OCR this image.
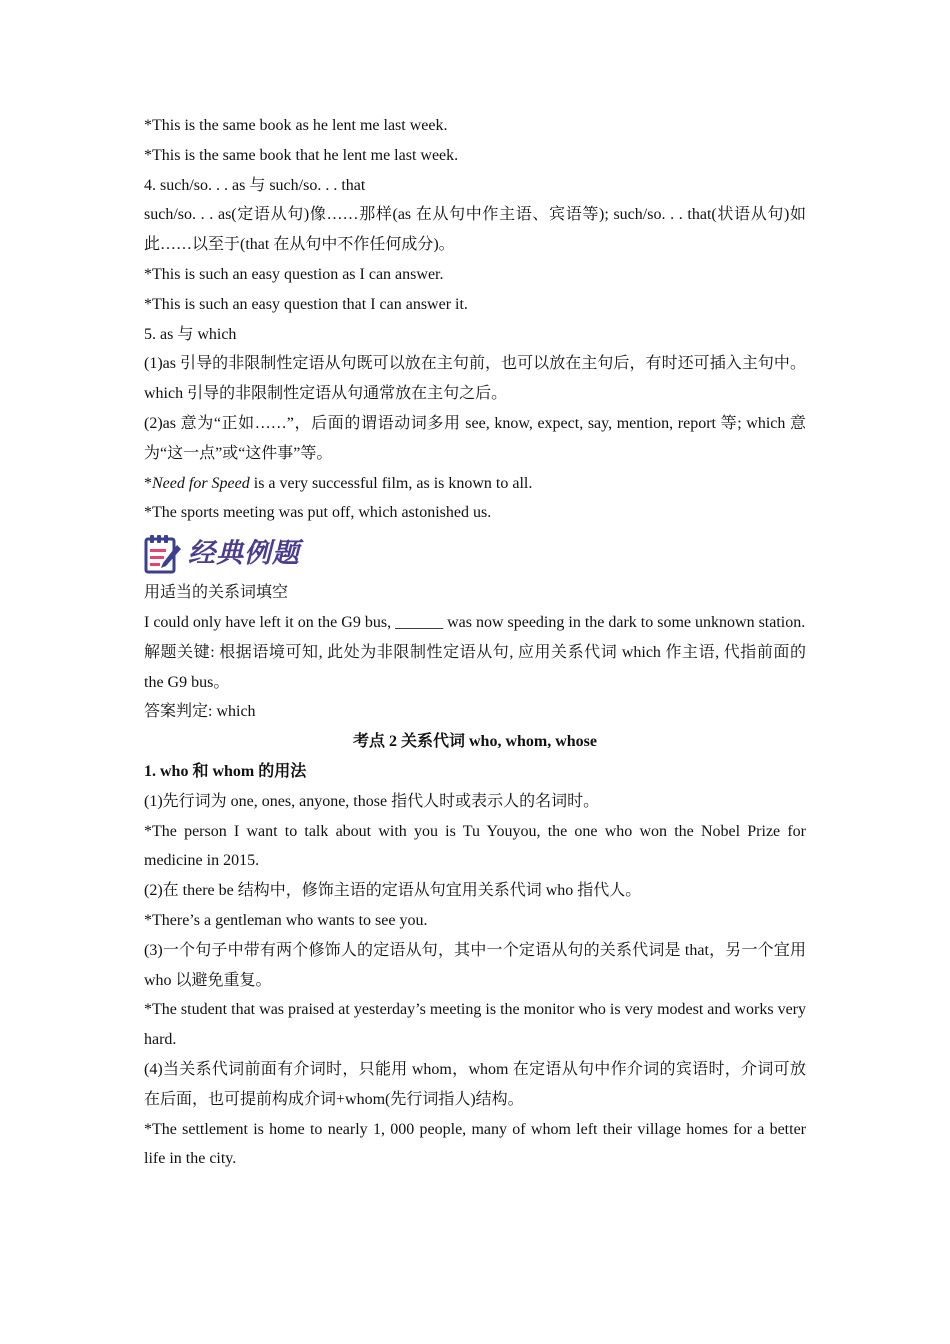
*This is the same book as he lent me last week.

*This is the same book that he lent me last week.

4. such/so. . . as 与 such/so. . . that

such/so. . . as(定语从句)像……那样(as 在从句中作主语、宾语等); such/so. . . that(状语从句)如此……以至于(that 在从句中不作任何成分)。

*This is such an easy question as I can answer.

*This is such an easy question that I can answer it.

5. as 与 which

(1)as 引导的非限制性定语从句既可以放在主句前，也可以放在主句后，有时还可插入主句中。which 引导的非限制性定语从句通常放在主句之后。

(2)as 意为“正如……”，后面的谓语动词多用 see, know, expect, say, mention, report 等; which 意为“这一点”或“这件事”等。

*Need for Speed is a very successful film, as is known to all.

*The sports meeting was put off, which astonished us.

经典例题

用适当的关系词填空

I could only have left it on the G9 bus, ______ was now speeding in the dark to some unknown station.

解题关键: 根据语境可知, 此处为非限制性定语从句, 应用关系代词 which 作主语, 代指前面的 the G9 bus。

答案判定: which

考点 2 关系代词 who, whom, whose

1. who 和 whom 的用法

(1)先行词为 one, ones, anyone, those 指代人时或表示人的名词时。

*The person I want to talk about with you is Tu Youyou, the one who won the Nobel Prize for medicine in 2015.

(2)在 there be 结构中，修饰主语的定语从句宜用关系代词 who 指代人。

*There’s a gentleman who wants to see you.

(3)一个句子中带有两个修饰人的定语从句，其中一个定语从句的关系代词是 that，另一个宜用 who 以避免重复。

*The student that was praised at yesterday’s meeting is the monitor who is very modest and works very hard.

(4)当关系代词前面有介词时，只能用 whom，whom 在定语从句中作介词的宾语时，介词可放在后面，也可提前构成介词+whom(先行词指人)结构。

*The settlement is home to nearly 1, 000 people, many of whom left their village homes for a better life in the city.
